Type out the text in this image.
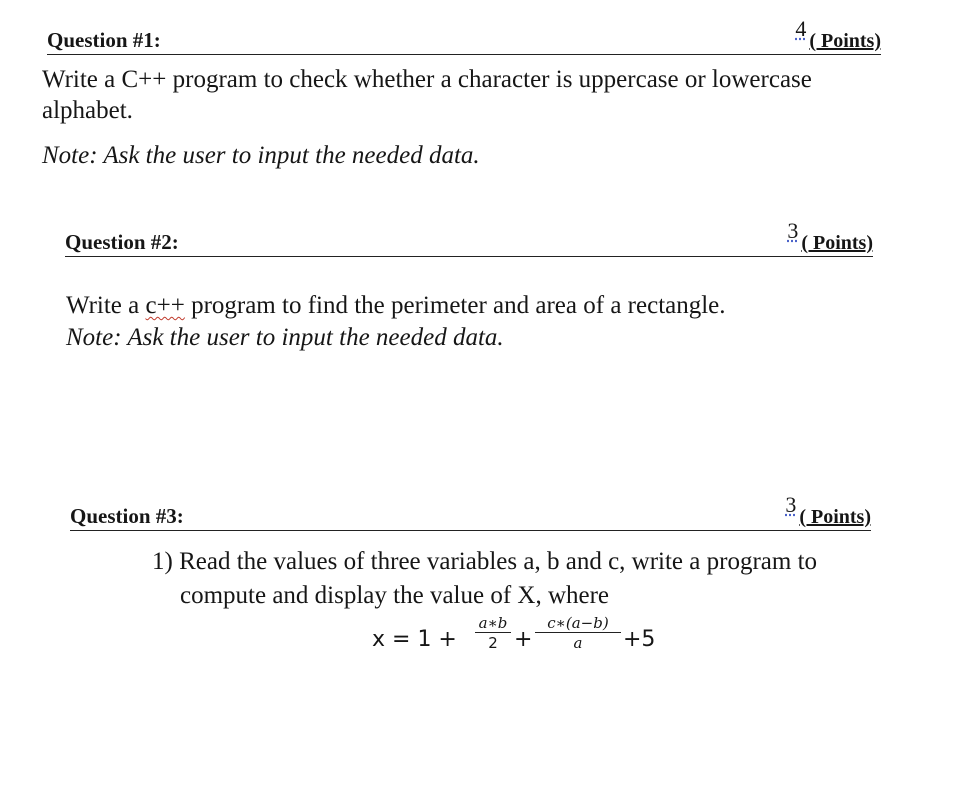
Question #1:	4 ( Points)
Write a C++ program to check whether a character is uppercase or lowercase
alphabet.
Note: Ask the user to input the needed data.
Question #2:	3 ( Points)
Write a c++ program to find the perimeter and area of a rectangle.
Note: Ask the user to input the needed data.
Question #3:	3 ( Points)
1) Read the values of three variables a, b and c, write a program to
compute and display the value of X, where
$x = 1 + \frac{a∗b}{2} + \frac{c∗(a-b)}{a} +5$
